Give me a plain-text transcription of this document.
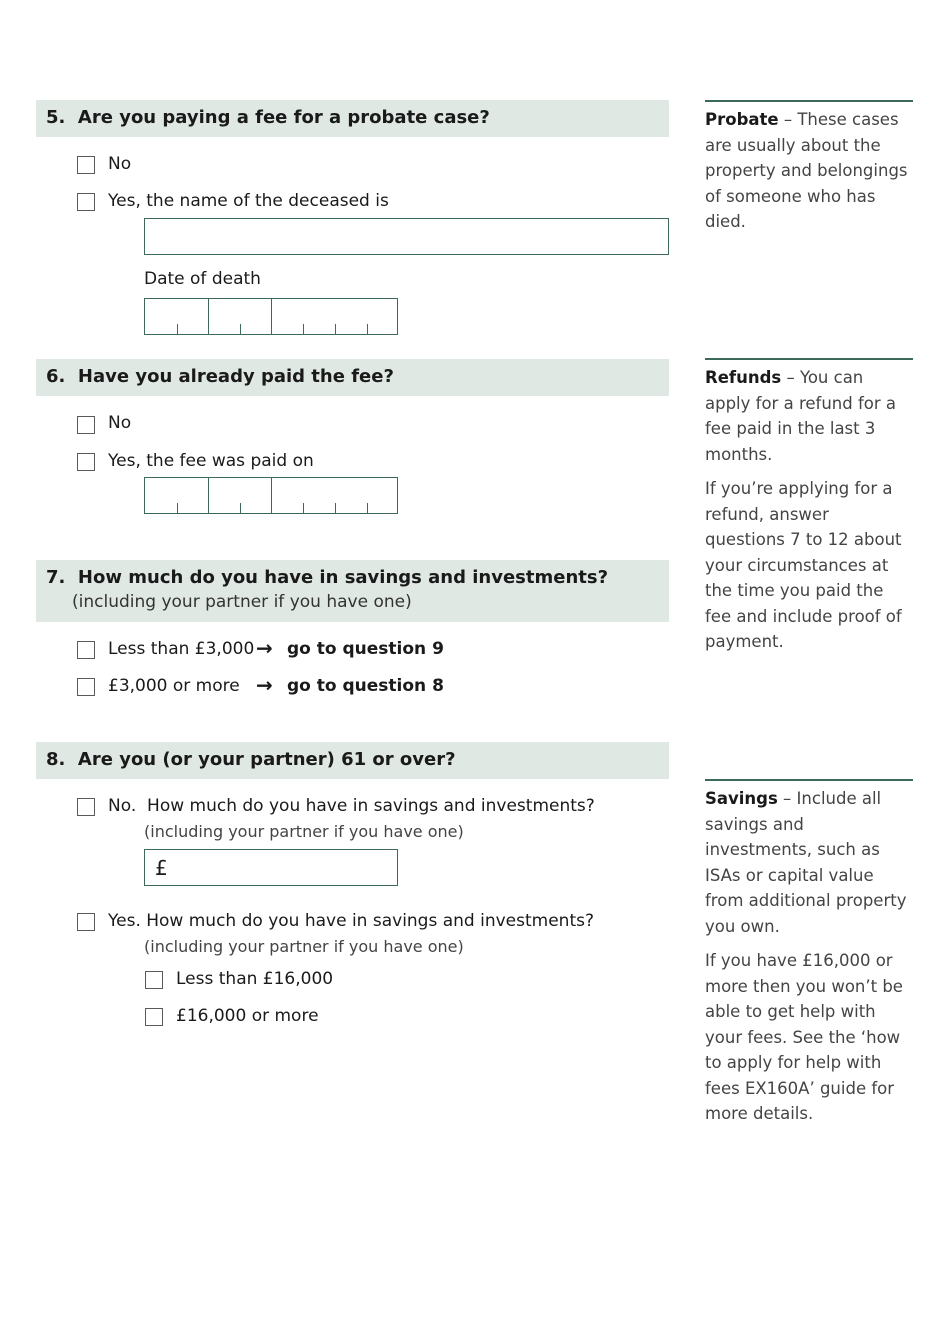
5. Are you paying a fee for a probate case?
No
Yes, the name of the deceased is
Date of death
6. Have you already paid the fee?
No
Yes, the fee was paid on
7. How much do you have in savings and investments?
(including your partner if you have one)
Less than £3,000 → go to question 9
£3,000 or more → go to question 8
8. Are you (or your partner) 61 or over?
No.  How much do you have in savings and investments?
(including your partner if you have one)
£
Yes. How much do you have in savings and investments?
(including your partner if you have one)
Less than £16,000
£16,000 or more

Probate – These cases are usually about the property and belongings of someone who has died.

Refunds – You can apply for a refund for a fee paid in the last 3 months.

If you’re applying for a refund, answer questions 7 to 12 about your circumstances at the time you paid the fee and include proof of payment.

Savings – Include all savings and investments, such as ISAs or capital value from additional property you own.

If you have £16,000 or more then you won’t be able to get help with your fees. See the ‘how to apply for help with fees EX160A’ guide for more details.
